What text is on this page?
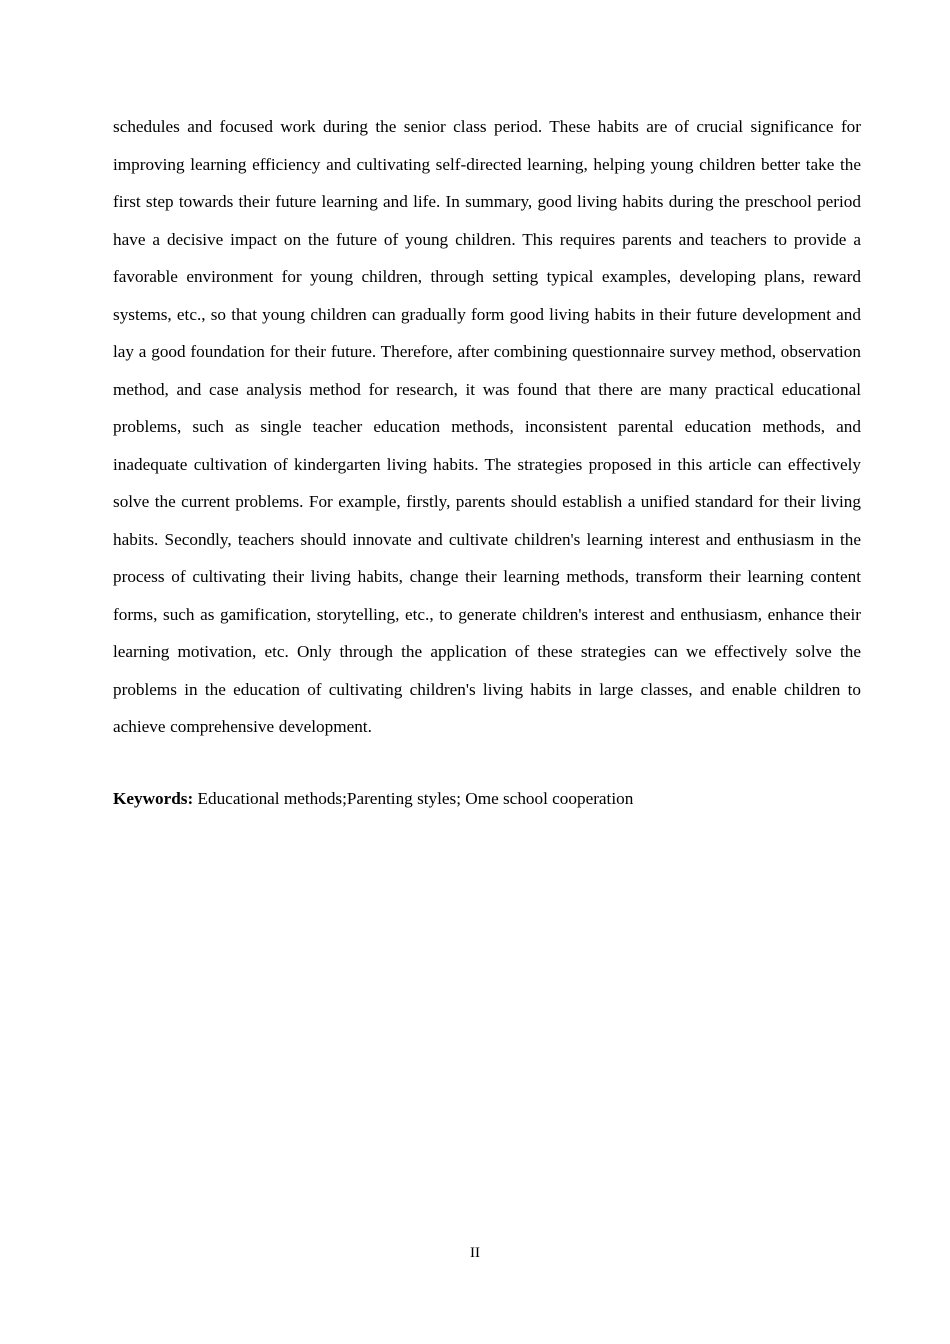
schedules and focused work during the senior class period. These habits are of crucial significance for improving learning efficiency and cultivating self-directed learning, helping young children better take the first step towards their future learning and life. In summary, good living habits during the preschool period have a decisive impact on the future of young children. This requires parents and teachers to provide a favorable environment for young children, through setting typical examples, developing plans, reward systems, etc., so that young children can gradually form good living habits in their future development and lay a good foundation for their future. Therefore, after combining questionnaire survey method, observation method, and case analysis method for research, it was found that there are many practical educational problems, such as single teacher education methods, inconsistent parental education methods, and inadequate cultivation of kindergarten living habits. The strategies proposed in this article can effectively solve the current problems. For example, firstly, parents should establish a unified standard for their living habits. Secondly, teachers should innovate and cultivate children's learning interest and enthusiasm in the process of cultivating their living habits, change their learning methods, transform their learning content forms, such as gamification, storytelling, etc., to generate children's interest and enthusiasm, enhance their learning motivation, etc. Only through the application of these strategies can we effectively solve the problems in the education of cultivating children's living habits in large classes, and enable children to achieve comprehensive development.

Keywords: Educational methods;Parenting styles; Ome school cooperation

II
